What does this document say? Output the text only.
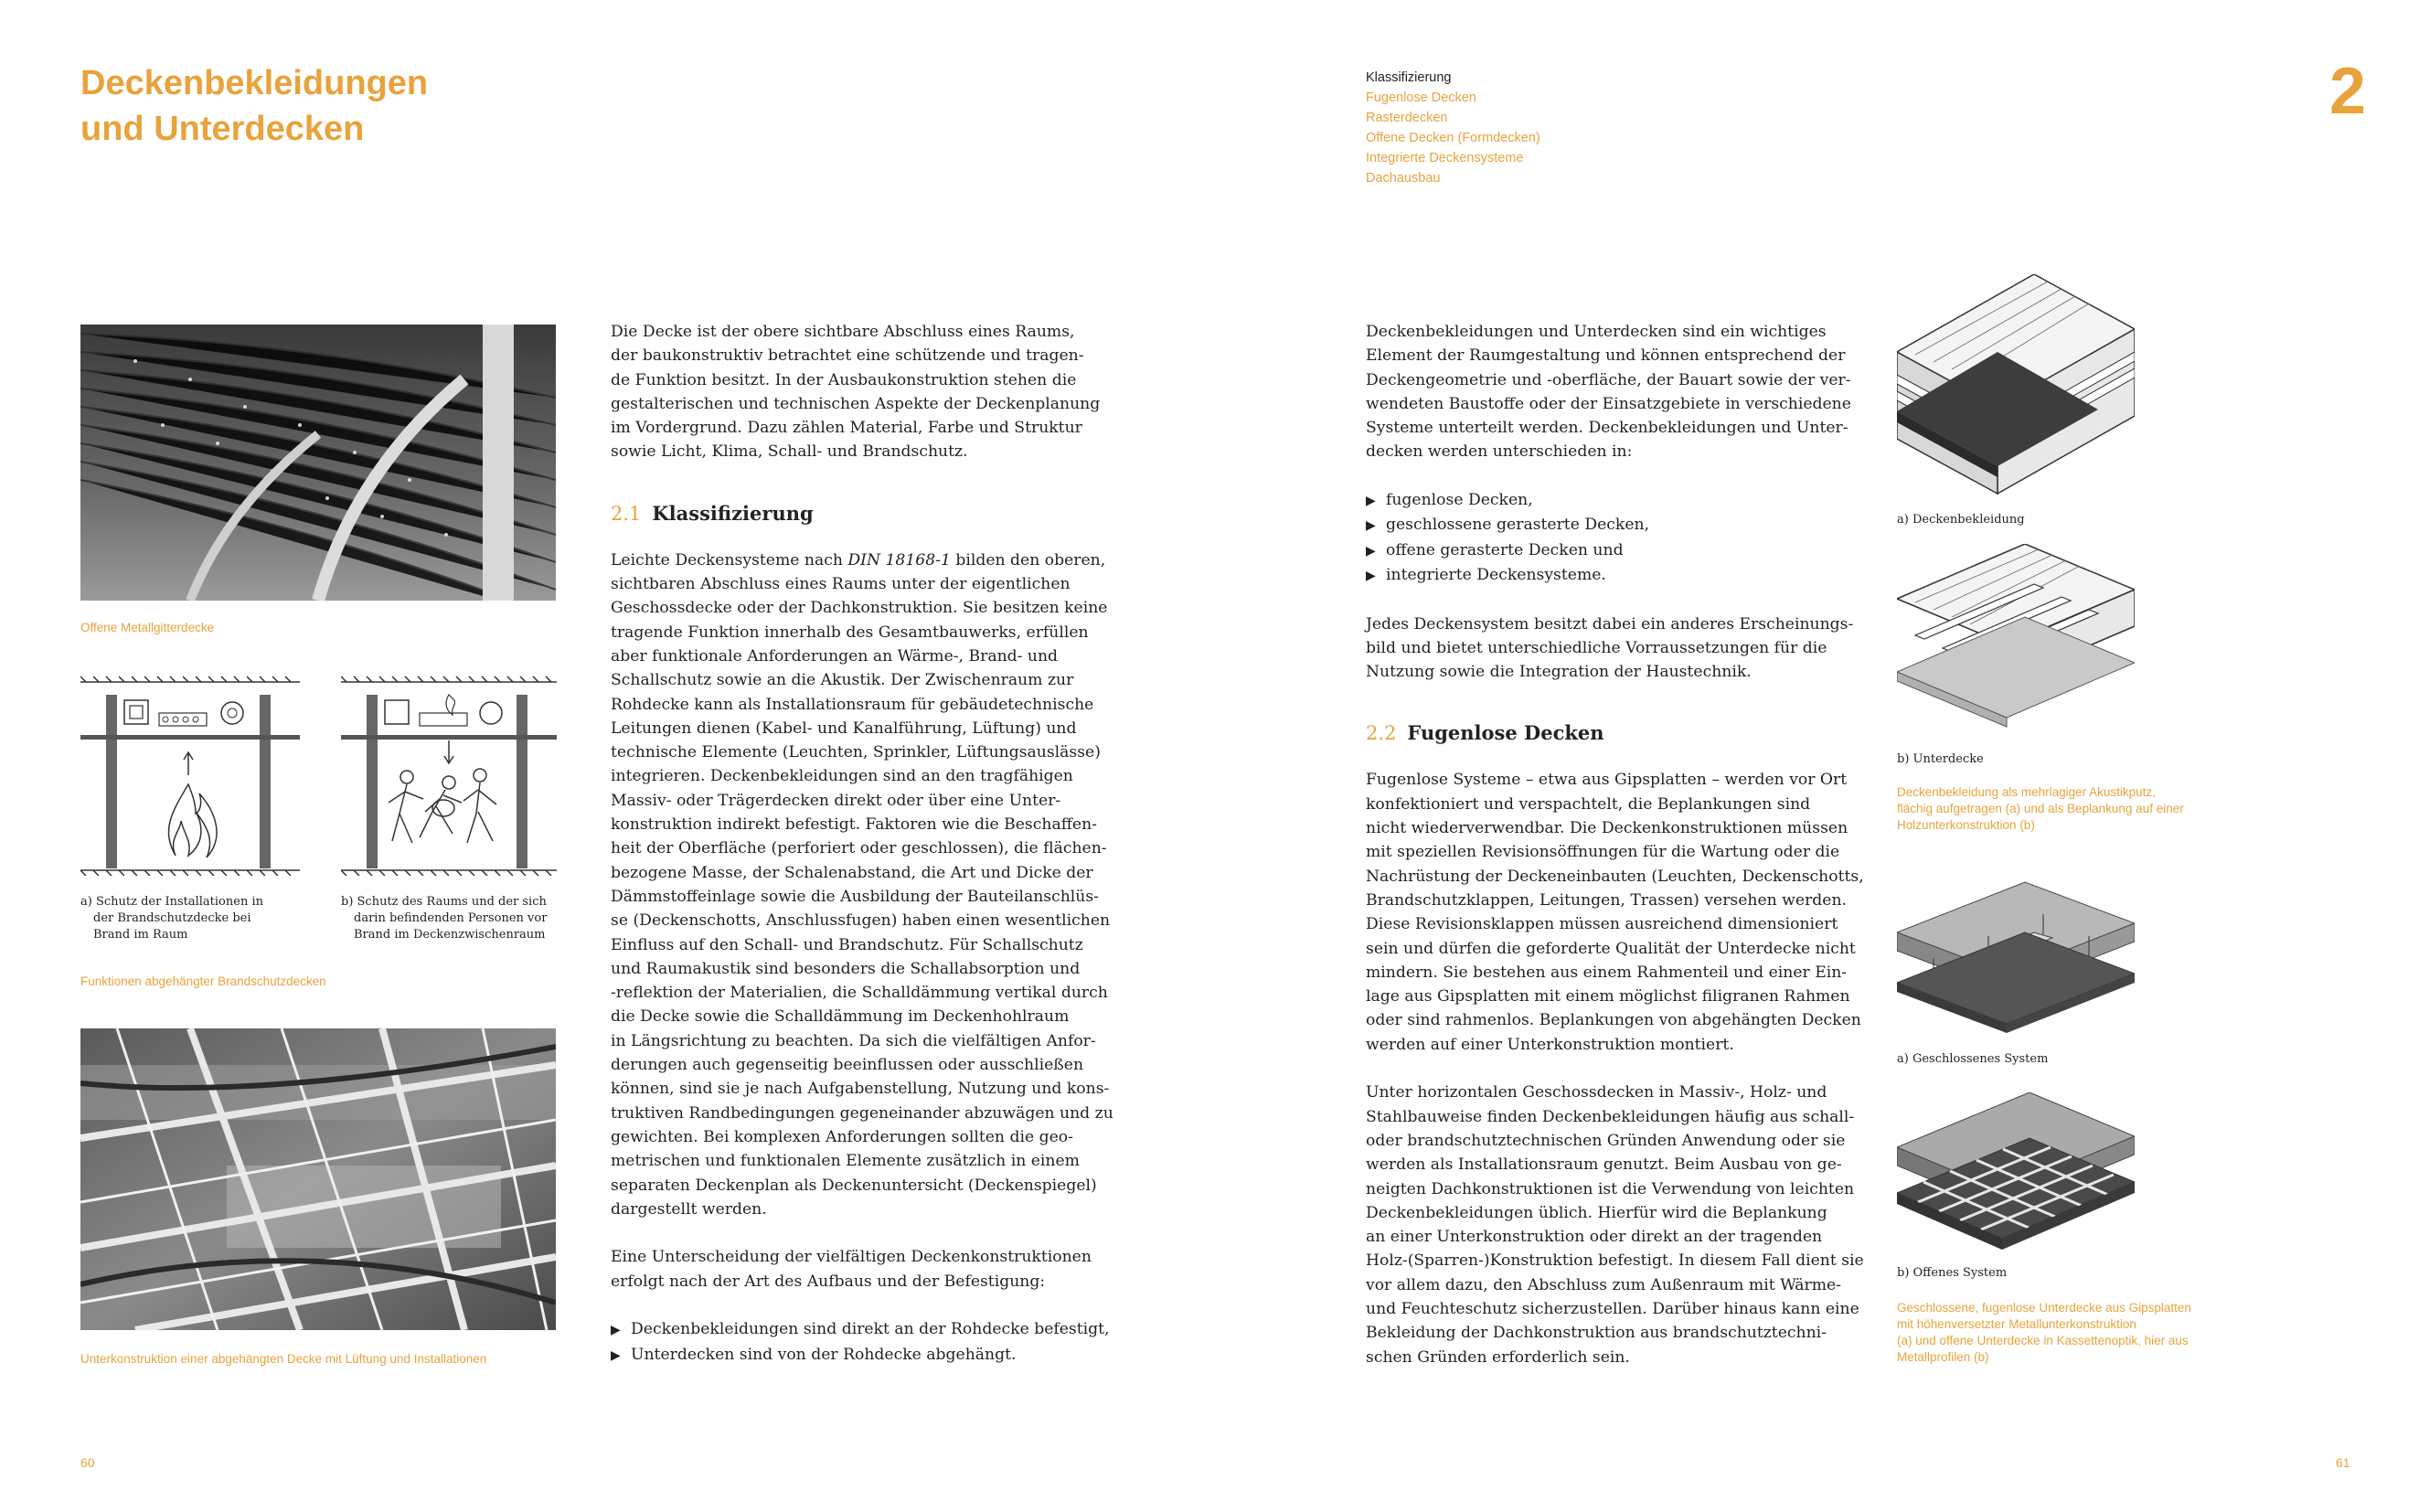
Deckenbekleidungen
und Unterdecken
Klassifizierung
Fugenlose Decken
Rasterdecken
Offene Decken (Formdecken)
Integrierte Deckensysteme
Dachausbau
2
Offene Metallgitterdecke
a) Schutz der Installationen in
der Brandschutzdecke bei
Brand im Raum
b) Schutz des Raums und der sich
darin befindenden Personen vor
Brand im Deckenzwischenraum
Funktionen abgehängter Brandschutzdecken
Unterkonstruktion einer abgehängten Decke mit Lüftung und Installationen

Die Decke ist der obere sichtbare Abschluss eines Raums,

der baukonstruktiv betrachtet eine schützende und tragen-

de Funktion besitzt. In der Ausbaukonstruktion stehen die

gestalterischen und technischen Aspekte der Deckenplanung

im Vordergrund. Dazu zählen Material, Farbe und Struktur

sowie Licht, Klima, Schall- und Brandschutz.

2.1 Klassifizierung

Leichte Deckensysteme nach DIN 18168-1 bilden den oberen,

sichtbaren Abschluss eines Raums unter der eigentlichen

Geschossdecke oder der Dachkonstruktion. Sie besitzen keine

tragende Funktion innerhalb des Gesamtbauwerks, erfüllen

aber funktionale Anforderungen an Wärme-, Brand- und

Schallschutz sowie an die Akustik. Der Zwischenraum zur

Rohdecke kann als Installationsraum für gebäudetechnische

Leitungen dienen (Kabel- und Kanalführung, Lüftung) und

technische Elemente (Leuchten, Sprinkler, Lüftungsauslässe)

integrieren. Deckenbekleidungen sind an den tragfähigen

Massiv- oder Trägerdecken direkt oder über eine Unter-

konstruktion indirekt befestigt. Faktoren wie die Beschaffen-

heit der Oberfläche (perforiert oder geschlossen), die flächen-

bezogene Masse, der Schalenabstand, die Art und Dicke der

Dämmstoffeinlage sowie die Ausbildung der Bauteilanschlüs-

se (Deckenschotts, Anschlussfugen) haben einen wesentlichen

Einfluss auf den Schall- und Brandschutz. Für Schallschutz

und Raumakustik sind besonders die Schallabsorption und

-reflektion der Materialien, die Schalldämmung vertikal durch

die Decke sowie die Schalldämmung im Deckenhohlraum

in Längsrichtung zu beachten. Da sich die vielfältigen Anfor-

derungen auch gegenseitig beeinflussen oder ausschließen

können, sind sie je nach Aufgabenstellung, Nutzung und kons-

truktiven Randbedingungen gegeneinander abzuwägen und zu

gewichten. Bei komplexen Anforderungen sollten die geo-

metrischen und funktionalen Elemente zusätzlich in einem

separaten Deckenplan als Deckenuntersicht (Deckenspiegel)

dargestellt werden.

Eine Unterscheidung der vielfältigen Deckenkonstruktionen

erfolgt nach der Art des Aufbaus und der Befestigung:

▶ Deckenbekleidungen sind direkt an der Rohdecke befestigt,
▶ Unterdecken sind von der Rohdecke abgehängt.

Deckenbekleidungen und Unterdecken sind ein wichtiges

Element der Raumgestaltung und können entsprechend der

Deckengeometrie und -oberfläche, der Bauart sowie der ver-

wendeten Baustoffe oder der Einsatzgebiete in verschiedene

Systeme unterteilt werden. Deckenbekleidungen und Unter-

decken werden unterschieden in:

▶ fugenlose Decken,
▶ geschlossene gerasterte Decken,
▶ offene gerasterte Decken und
▶ integrierte Deckensysteme.

Jedes Deckensystem besitzt dabei ein anderes Erscheinungs-

bild und bietet unterschiedliche Vorraussetzungen für die

Nutzung sowie die Integration der Haustechnik.

2.2 Fugenlose Decken

Fugenlose Systeme – etwa aus Gipsplatten – werden vor Ort

konfektioniert und verspachtelt, die Beplankungen sind

nicht wiederverwendbar. Die Deckenkonstruktionen müssen

mit speziellen Revisionsöffnungen für die Wartung oder die

Nachrüstung der Deckeneinbauten (Leuchten, Deckenschotts,

Brandschutzklappen, Leitungen, Trassen) versehen werden.

Diese Revisionsklappen müssen ausreichend dimensioniert

sein und dürfen die geforderte Qualität der Unterdecke nicht

mindern. Sie bestehen aus einem Rahmenteil und einer Ein-

lage aus Gipsplatten mit einem möglichst filigranen Rahmen

oder sind rahmenlos. Beplankungen von abgehängten Decken

werden auf einer Unterkonstruktion montiert.

Unter horizontalen Geschossdecken in Massiv-, Holz- und

Stahlbauweise finden Deckenbekleidungen häufig aus schall-

oder brandschutztechnischen Gründen Anwendung oder sie

werden als Installationsraum genutzt. Beim Ausbau von ge-

neigten Dachkonstruktionen ist die Verwendung von leichten

Deckenbekleidungen üblich. Hierfür wird die Beplankung

an einer Unterkonstruktion oder direkt an der tragenden

Holz-(Sparren-)Konstruktion befestigt. In diesem Fall dient sie

vor allem dazu, den Abschluss zum Außenraum mit Wärme-

und Feuchteschutz sicherzustellen. Darüber hinaus kann eine

Bekleidung der Dachkonstruktion aus brandschutztechni-

schen Gründen erforderlich sein.

a) Deckenbekleidung
b) Unterdecke
Deckenbekleidung als mehrlagiger Akustikputz,
flächig aufgetragen (a) und als Beplankung auf einer
Holzunterkonstruktion (b)
a) Geschlossenes System
b) Offenes System
Geschlossene, fugenlose Unterdecke aus Gipsplatten
mit höhenversetzter Metallunterkonstruktion
(a) und offene Unterdecke in Kassettenoptik, hier aus
Metallprofilen (b)
60	61
